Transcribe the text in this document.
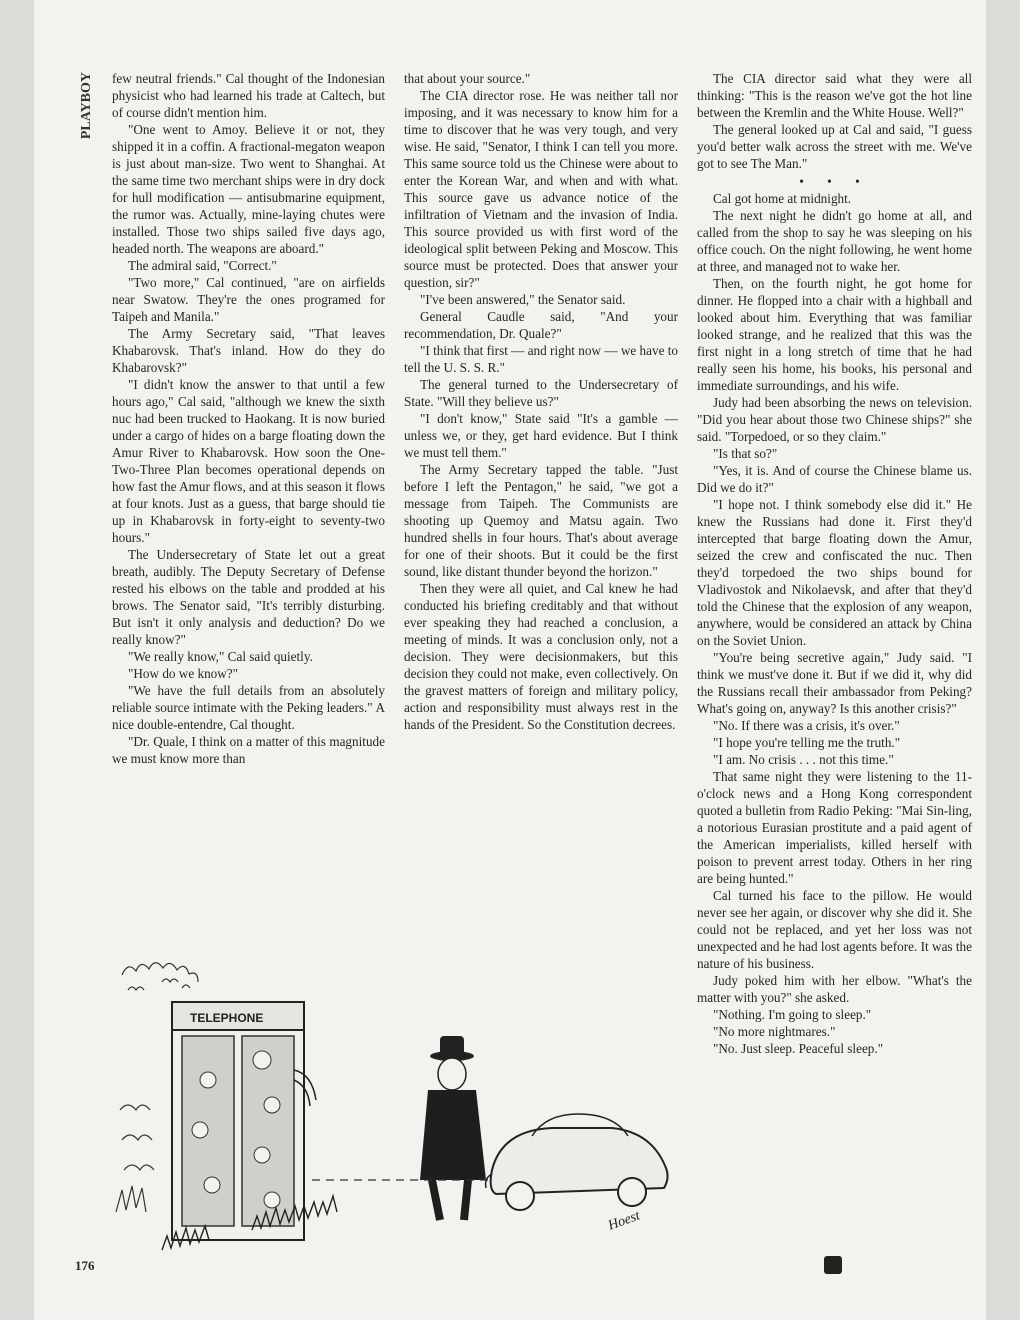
PLAYBOY few neutral friends." Cal thought of the Indonesian physicist who had learned his trade at Caltech, but of course didn't mention him.

"One went to Amoy. Believe it or not, they shipped it in a coffin. A fractional-megaton weapon is just about man-size. Two went to Shanghai. At the same time two merchant ships were in dry dock for hull modification — antisubmarine equipment, the rumor was. Actually, mine-laying chutes were installed. Those two ships sailed five days ago, headed north. The weapons are aboard."

The admiral said, "Correct."

"Two more," Cal continued, "are on airfields near Swatow. They're the ones programed for Taipeh and Manila."

The Army Secretary said, "That leaves Khabarovsk. That's inland. How do they do Khabarovsk?"

"I didn't know the answer to that until a few hours ago," Cal said, "although we knew the sixth nuc had been trucked to Haokang. It is now buried under a cargo of hides on a barge floating down the Amur River to Khabarovsk. How soon the One-Two-Three Plan becomes operational depends on how fast the Amur flows, and at this season it flows at four knots. Just as a guess, that barge should tie up in Khabarovsk in forty-eight to seventy-two hours."

The Undersecretary of State let out a great breath, audibly. The Deputy Secretary of Defense rested his elbows on the table and prodded at his brows. The Senator said, "It's terribly disturbing. But isn't it only analysis and deduction? Do we really know?"

"We really know," Cal said quietly.

"How do we know?"

"We have the full details from an absolutely reliable source intimate with the Peking leaders." A nice double-entendre, Cal thought.

"Dr. Quale, I think on a matter of this magnitude we must know more than

that about your source."

The CIA director rose. He was neither tall nor imposing, and it was necessary to know him for a time to discover that he was very tough, and very wise. He said, "Senator, I think I can tell you more. This same source told us the Chinese were about to enter the Korean War, and when and with what. This source gave us advance notice of the infiltration of Vietnam and the invasion of India. This source provided us with first word of the ideological split between Peking and Moscow. This source must be protected. Does that answer your question, sir?"

"I've been answered," the Senator said.

General Caudle said, "And your recommendation, Dr. Quale?"

"I think that first — and right now — we have to tell the U. S. S. R."

The general turned to the Undersecretary of State. "Will they believe us?"

"I don't know," State said "It's a gamble — unless we, or they, get hard evidence. But I think we must tell them."

The Army Secretary tapped the table. "Just before I left the Pentagon," he said, "we got a message from Taipeh. The Communists are shooting up Quemoy and Matsu again. Two hundred shells in four hours. That's about average for one of their shoots. But it could be the first sound, like distant thunder beyond the horizon."

Then they were all quiet, and Cal knew he had conducted his briefing creditably and that without ever speaking they had reached a conclusion, a meeting of minds. It was a conclusion only, not a decision. They were decisionmakers, but this decision they could not make, even collectively. On the gravest matters of foreign and military policy, action and responsibility must always rest in the hands of the President. So the Constitution decrees.

The CIA director said what they were all thinking: "This is the reason we've got the hot line between the Kremlin and the White House. Well?"

The general looked up at Cal and said, "I guess you'd better walk across the street with me. We've got to see The Man."

• • •

Cal got home at midnight.

The next night he didn't go home at all, and called from the shop to say he was sleeping on his office couch. On the night following, he went home at three, and managed not to wake her.

Then, on the fourth night, he got home for dinner. He flopped into a chair with a highball and looked about him. Everything that was familiar looked strange, and he realized that this was the first night in a long stretch of time that he had really seen his home, his books, his personal and immediate surroundings, and his wife.

Judy had been absorbing the news on television. "Did you hear about those two Chinese ships?" she said. "Torpedoed, or so they claim."

"Is that so?"

"Yes, it is. And of course the Chinese blame us. Did we do it?"

"I hope not. I think somebody else did it." He knew the Russians had done it. First they'd intercepted that barge floating down the Amur, seized the crew and confiscated the nuc. Then they'd torpedoed the two ships bound for Vladivostok and Nikolaevsk, and after that they'd told the Chinese that the explosion of any weapon, anywhere, would be considered an attack by China on the Soviet Union.

"You're being secretive again," Judy said. "I think we must've done it. But if we did it, why did the Russians recall their ambassador from Peking? What's going on, anyway? Is this another crisis?"

"No. If there was a crisis, it's over."

"I hope you're telling me the truth."

"I am. No crisis . . . not this time."

That same night they were listening to the 11-o'clock news and a Hong Kong correspondent quoted a bulletin from Radio Peking: "Mai Sin-ling, a notorious Eurasian prostitute and a paid agent of the American imperialists, killed herself with poison to prevent arrest today. Others in her ring are being hunted."

Cal turned his face to the pillow. He would never see her again, or discover why she did it. She could not be replaced, and yet her loss was not unexpected and he had lost agents before. It was the nature of his business.

Judy poked him with her elbow. "What's the matter with you?" she asked.

"Nothing. I'm going to sleep."

"No more nightmares."

"No. Just sleep. Peaceful sleep."

TELEPHONE
Hoest
176
